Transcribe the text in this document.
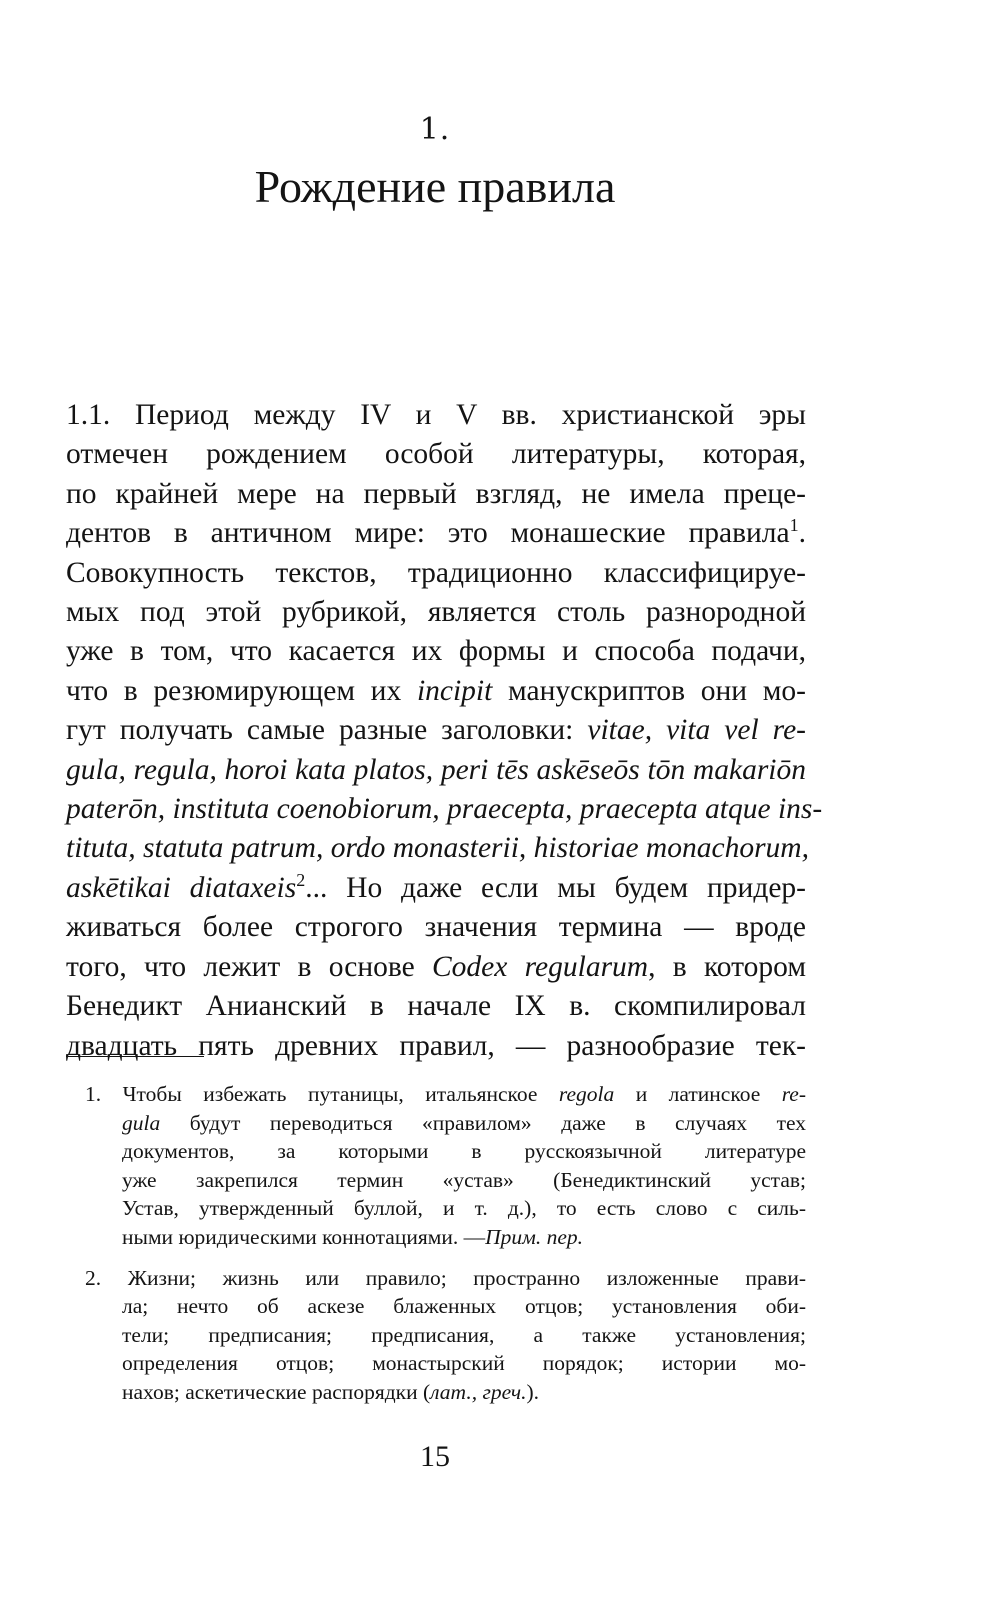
1.
Рождение правила
1.1. Период между IV и V вв. христианской эры
отмечен рождением особой литературы, которая,
по крайней мере на первый взгляд, не имела преце-
дентов в античном мире: это монашеские правила$^1$.
Совокупность текстов, традиционно классифицируе-
мых под этой рубрикой, является столь разнородной
уже в том, что касается их формы и способа подачи,
что в резюмирующем их incipit манускриптов они мо-
гут получать самые разные заголовки: vitae, vita vel re-
gula, regula, horoi kata platos, peri tēs askēseōs tōn makariōn
paterōn, instituta coenobiorum, praecepta, praecepta atque ins-
tituta, statuta patrum, ordo monasterii, historiae monachorum,
askētikai diataxeis$^2$... Но даже если мы будем придер-
живаться более строгого значения термина — вроде
того, что лежит в основе Codex regularum, в котором
Бенедикт Анианский в начале IX в. скомпилировал
двадцать пять древних правил, — разнообразие тек-
1. Чтобы избежать путаницы, итальянское regola и латинское re-
gula будут переводиться «правилом» даже в случаях тех
документов, за которыми в русскоязычной литературе
уже закрепился термин «устав» (Бенедиктинский устав;
Устав, утвержденный буллой, и т. д.), то есть слово с силь-
ными юридическими коннотациями. —Прим. пер.
2. Жизни; жизнь или правило; пространно изложенные прави-
ла; нечто об аскезе блаженных отцов; установления оби-
тели; предписания; предписания, а также установления;
определения отцов; монастырский порядок; истории мо-
нахов; аскетические распорядки (лат., греч.).
15
